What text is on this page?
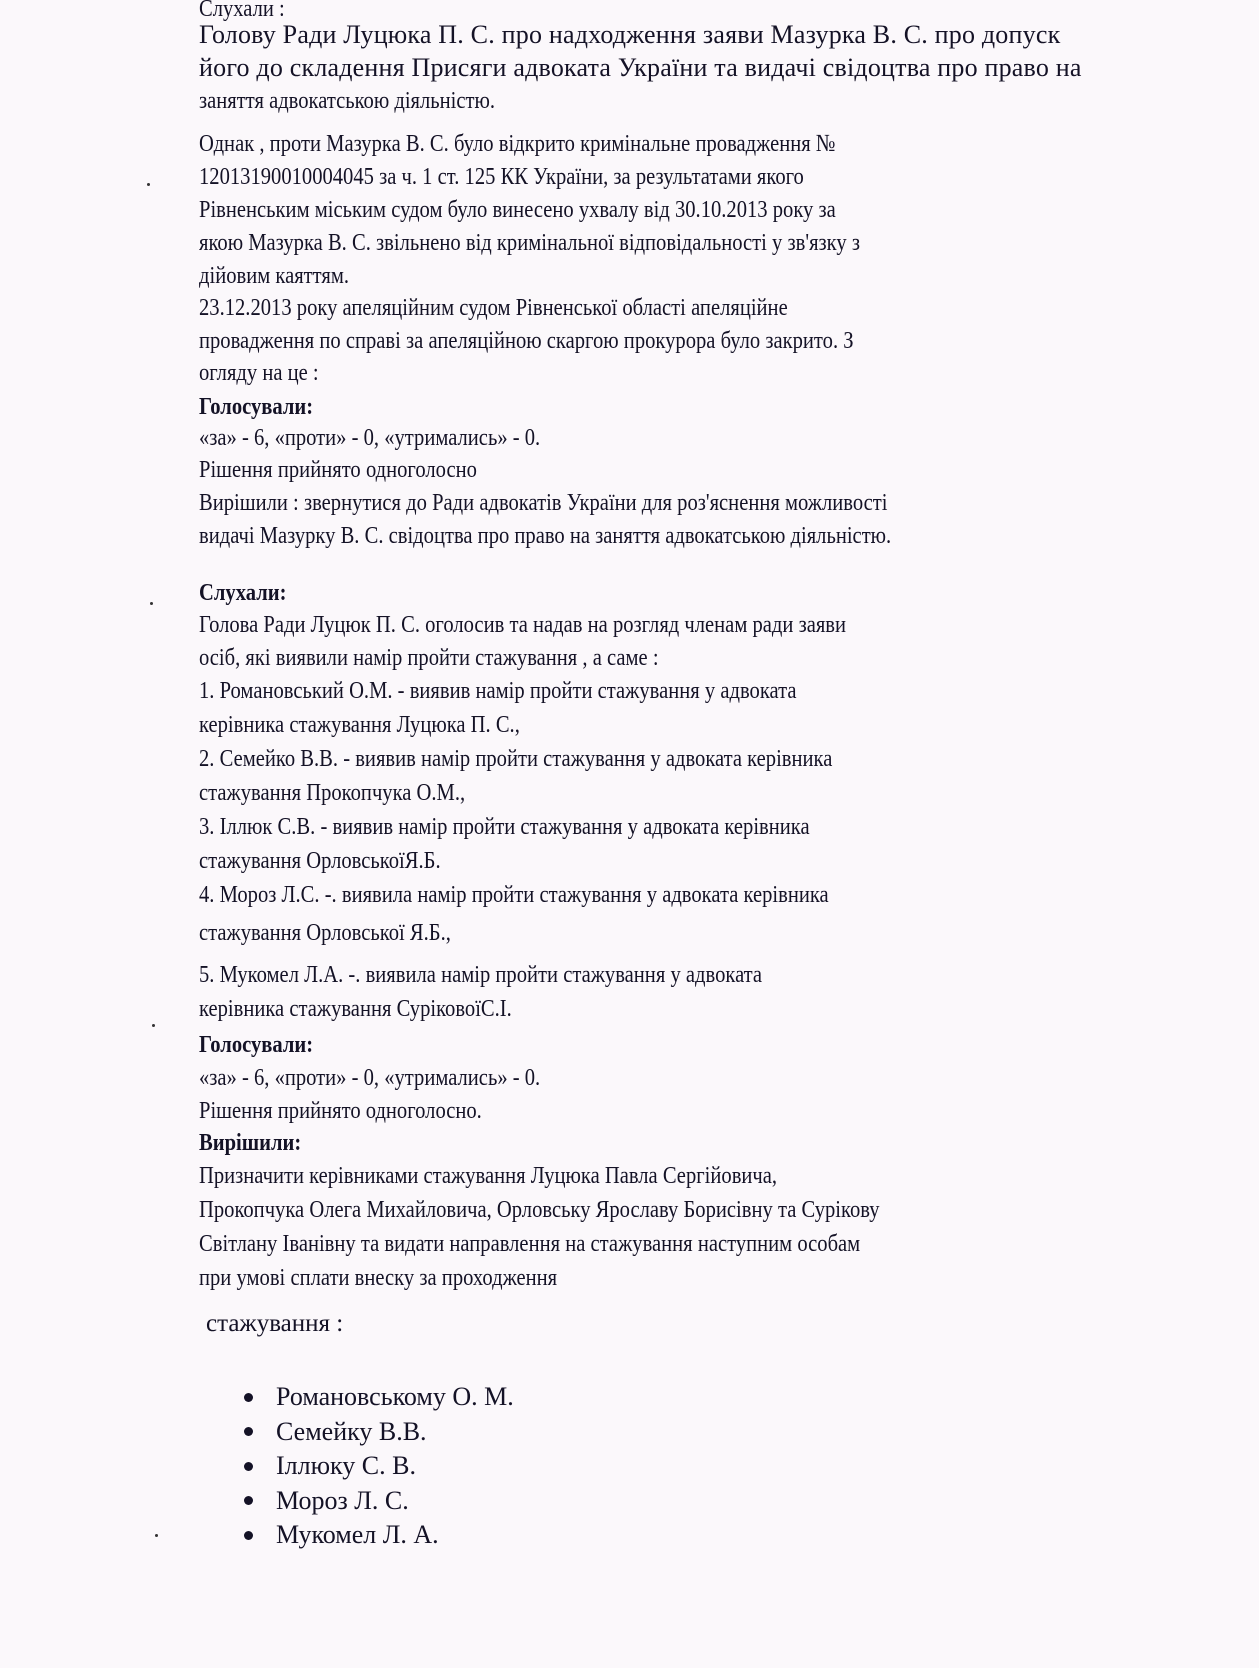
Слухали :
Голову Ради Луцюка П. С. про надходження заяви Мазурка В. С. про допуск
його до складення Присяги адвоката України та видачі свідоцтва про право на
заняття адвокатською діяльністю.
Однак , проти Мазурка В. С. було відкрито кримінальне провадження №
12013190010004045 за ч. 1 ст. 125 КК України, за результатами якого
Рівненським міським судом було винесено ухвалу від 30.10.2013 року за
якою Мазурка В. С. звільнено від кримінальної відповідальності у зв'язку з
дійовим каяттям.
23.12.2013 року апеляційним судом Рівненської області апеляційне
провадження по справі за апеляційною скаргою прокурора було закрито. З
огляду на це :
Голосували:
«за» - 6, «проти» - 0, «утримались» - 0.
Рішення прийнято одноголосно
Вирішили : звернутися до Ради адвокатів України для роз'яснення можливості
видачі Мазурку В. С. свідоцтва про право на заняття адвокатською діяльністю.
Слухали:
Голова Ради Луцюк П. С. оголосив та надав на розгляд членам ради заяви
осіб, які виявили намір пройти стажування , а саме :
1. Романовський О.М. - виявив намір пройти стажування у адвоката
керівника стажування Луцюка П. С.,
2. Семейко В.В. - виявив намір пройти стажування у адвоката керівника
стажування Прокопчука О.М.,
3. Іллюк С.В. - виявив намір пройти стажування у адвоката керівника
стажування ОрловськоїЯ.Б.
4. Мороз Л.С. -. виявила намір пройти стажування у адвоката керівника
стажування Орловської Я.Б.,
5. Мукомел Л.А. -. виявила намір пройти стажування у адвоката
керівника стажування СуріковоїС.І.
Голосували:
«за» - 6, «проти» - 0, «утримались» - 0.
Рішення прийнято одноголосно.
Вирішили:
Призначити керівниками стажування Луцюка Павла Сергійовича,
Прокопчука Олега Михайловича, Орловську Ярославу Борисівну та Сурікову
Світлану Іванівну та видати направлення на стажування наступним особам
при умові сплати внеску за проходження
стажування :
Романовському О. М.
Семейку В.В.
Іллюку С. В.
Мороз Л. С.
Мукомел Л. А.
